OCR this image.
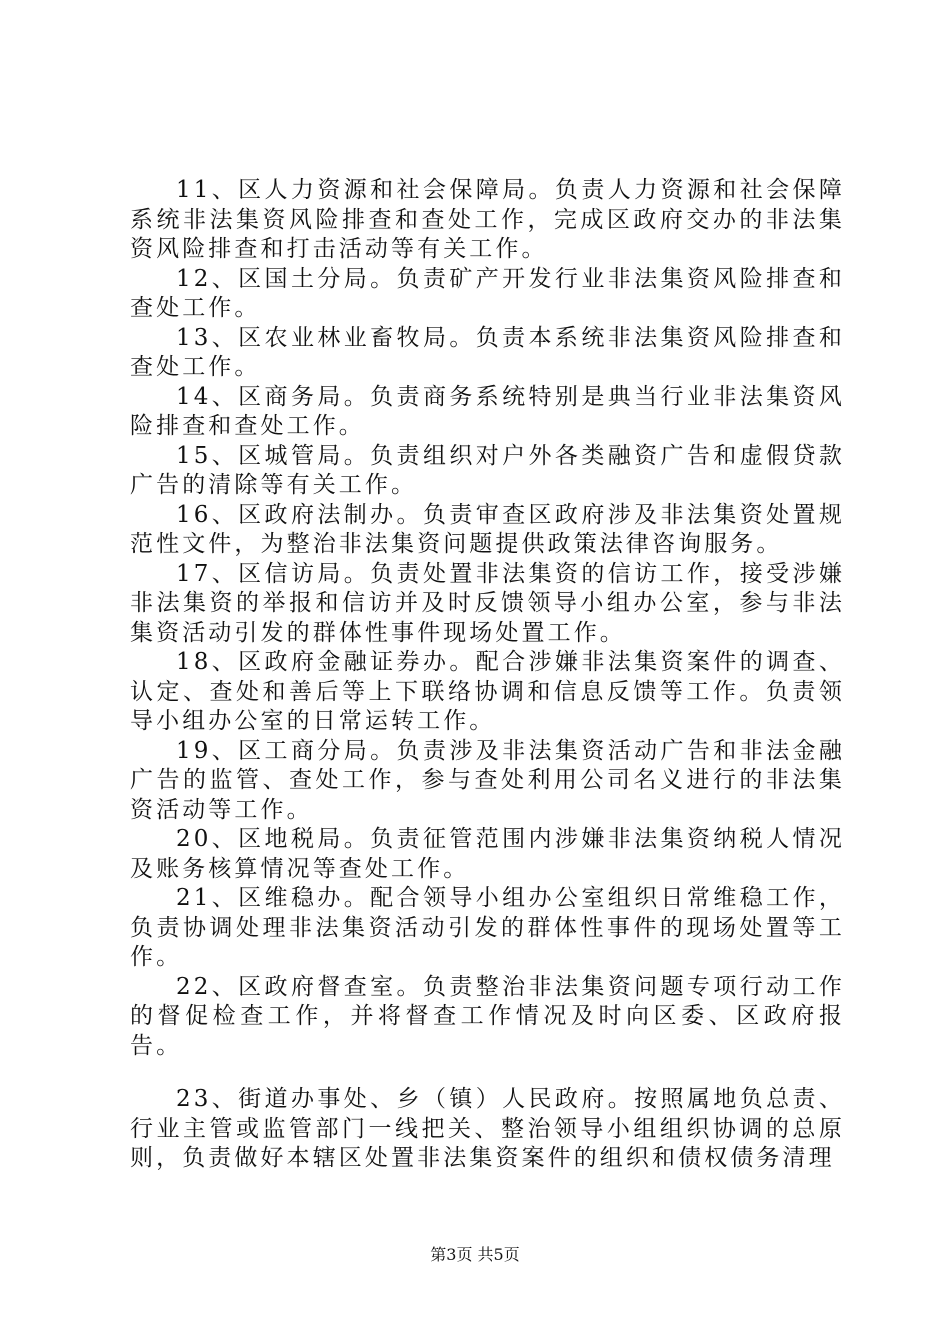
11、区人力资源和社会保障局。负责人力资源和社会保障系统非法集资风险排查和查处工作，完成区政府交办的非法集资风险排查和打击活动等有关工作。

12、区国土分局。负责矿产开发行业非法集资风险排查和查处工作。

13、区农业林业畜牧局。负责本系统非法集资风险排查和查处工作。

14、区商务局。负责商务系统特别是典当行业非法集资风险排查和查处工作。

15、区城管局。负责组织对户外各类融资广告和虚假贷款广告的清除等有关工作。

16、区政府法制办。负责审查区政府涉及非法集资处置规范性文件，为整治非法集资问题提供政策法律咨询服务。

17、区信访局。负责处置非法集资的信访工作，接受涉嫌非法集资的举报和信访并及时反馈领导小组办公室，参与非法集资活动引发的群体性事件现场处置工作。

18、区政府金融证券办。配合涉嫌非法集资案件的调查、认定、查处和善后等上下联络协调和信息反馈等工作。负责领导小组办公室的日常运转工作。

19、区工商分局。负责涉及非法集资活动广告和非法金融广告的监管、查处工作，参与查处利用公司名义进行的非法集资活动等工作。

20、区地税局。负责征管范围内涉嫌非法集资纳税人情况及账务核算情况等查处工作。

21、区维稳办。配合领导小组办公室组织日常维稳工作，负责协调处理非法集资活动引发的群体性事件的现场处置等工作。

22、区政府督查室。负责整治非法集资问题专项行动工作的督促检查工作，并将督查工作情况及时向区委、区政府报告。

23、街道办事处、乡（镇）人民政府。按照属地负总责、行业主管或监管部门一线把关、整治领导小组组织协调的总原则，负责做好本辖区处置非法集资案件的组织和债权债务清理

第3页 共5页
